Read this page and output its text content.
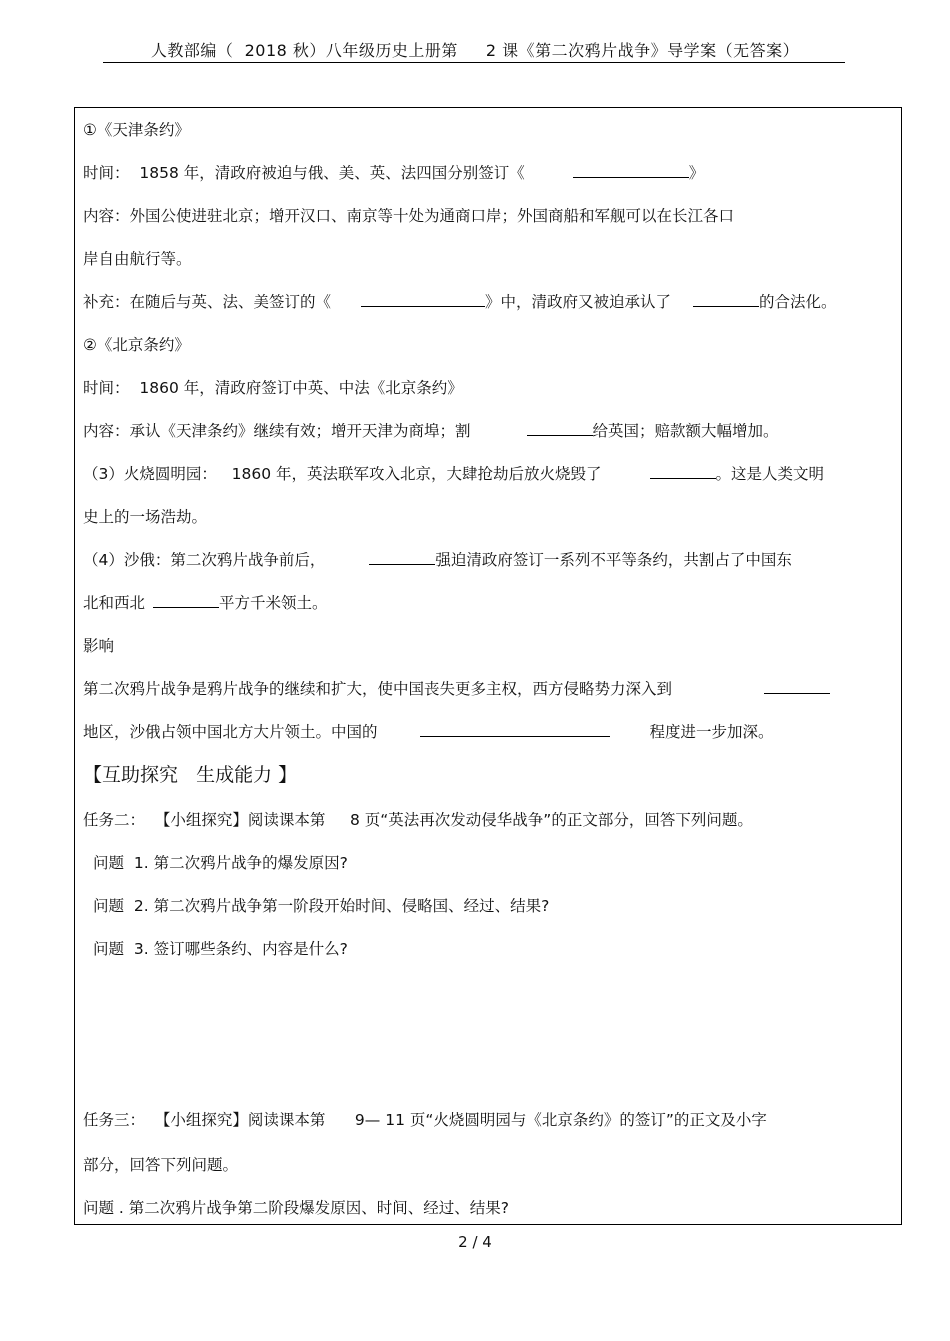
人教部编（  2018 秋）八年级历史上册第     2 课《第二次鸦片战争》导学案（无答案）
①《天津条约》
时间：  1858 年，清政府被迫与俄、美、英、法四国分别签订《	》
内容：外国公使进驻北京；增开汉口、南京等十处为通商口岸；外国商船和军舰可以在长江各口
岸自由航行等。
补充：在随后与英、法、美签订的《	》中，清政府又被迫承认了	的合法化。
②《北京条约》
时间：  1860 年，清政府签订中英、中法《北京条约》
内容：承认《天津条约》继续有效；增开天津为商埠；割	给英国；赔款额大幅增加。
（3）火烧圆明园：   1860 年，英法联军攻入北京，大肆抢劫后放火烧毁了	。这是人类文明
史上的一场浩劫。
（4）沙俄：第二次鸦片战争前后，	强迫清政府签订一系列不平等条约，共割占了中国东
北和西北	平方千米领土。
影响
第二次鸦片战争是鸦片战争的继续和扩大，使中国丧失更多主权，西方侵略势力深入到
地区，沙俄占领中国北方大片领土。中国的	程度进一步加深。
【互助探究   生成能力 】
任务二：  【小组探究】阅读课本第     8 页“英法再次发动侵华战争”的正文部分，回答下列问题。
问题  1. 第二次鸦片战争的爆发原因?
问题  2. 第二次鸦片战争第一阶段开始时间、侵略国、经过、结果?
问题  3. 签订哪些条约、内容是什么?
任务三：  【小组探究】阅读课本第      9— 11 页“火烧圆明园与《北京条约》的签订”的正文及小字
部分，回答下列问题。
问题 . 第二次鸦片战争第二阶段爆发原因、时间、经过、结果?
2 / 4
